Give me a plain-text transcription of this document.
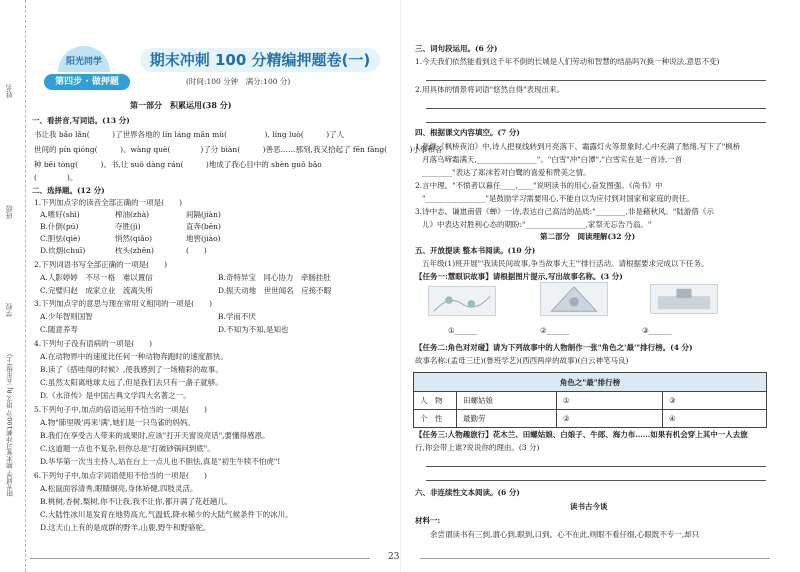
姓名
班级
学校
阳光同学 期末复习冲刺100分 语文 RJ 五年级(上)
阳光同学
第四步 · 做押题
期末冲刺 100 分精编押题卷(一)
(时间:100 分钟　满分:100 分)
第一部分　积累运用(38 分)
一、看拼音,写词语。(13 分)
书让我 bǎo lǎn(　　　)了世界各地的 lín láng mǎn mù(　　　　　), líng luò(　　　)了人
世间的 pín qióng(　　　)、wàng què(　　　　)了分 biàn(　　　)善恶……那刻,我又拾起了 fēn fāng(　　　)小事和各
种 bēi tòng(　　　)、书,让 suǒ dàng rán(　　　)地成了我心目中的 shèn guǒ bǎo
(　　　　)。
二、选择题。(12 分)
1.下列加点字的读音全部正确的一项是(　　)
A.嗜好(shì)	榨油(zhà)	间隔(jiàn)
B.仆倒(pú)	夺胜(jì)	直奔(bēn)
C.胆怯(qiè)	悄然(qiǎo)	地窖(jiào)
D.炊烟(chuī)	枕头(zhěn)	(　　)
2.下列词语书写全部正确的一项是(　　)
A.人影婷婷　 不尽一格　 难以置信	B.奇特异宝　 同心协力　 牵肠挂肚
C.完璧归赵　 成家立业　 流离失所	D.振天动地　 世世闻名　 应接不暇
3.下列加点字的意思与现在常用义相同的一项是(　　)
A.少年智则国智	B.学而不厌
C.随意养寿	D.不知为不知,是知也
4.下列句子没有语病的一项是(　　)
A.在动物界中的速度比任何一种动物奔跑时的速度都快。
B.读了《搭哇得的时候》,使我感到了一场精彩的故事。
C.虽然太阳离地球太远了,但是我们去只有一盏子就够。
D.《水浒传》是中国古典文学四大名著之一。
5.下列句子中,加点的倍语运用不恰当的一项是(　　)
A.物"肺里吸'再来'满',她们是一只鸟雀的妈妈。
B.我们在享受古人带来的成果时,应该"打开天窗说亮话",要懂得感恩。
C.这道题一点也不复杂,但你总是"打破砂锅问到底"。
D.华华第一次当主持人,站在台上一点儿也不胆怯,真是"初生牛犊不怕虎"!
6.下列句子中,加点字词语使用不恰当的一项是(　　)
A.松鼠面容清秀,眼睛炯亮,身体矫健,四肢灵活。
B.桃树,杏树,梨树,你不让我,我不让你,都开满了花赶趟儿。
C.大陆性冰川是发育在地势高亢,气温低,降水稀少的大陆气候条件下的冰川。
D.这天山上有的是成群的野羊,山鹿,野牛和野骆驼。
三、词句段运用。(6 分)
1.今天我们依然能看到这千年不倒的长城是人们劳动和智慧的结晶吗?(换一种说法,意思不变)
2.用具体的情景将词语"悠然自得"表现出来。
四、根据课文内容填空。(7 分)
1.张继《枫桥夜泊》中,诗人把视线转到月亮落下、霜露灯火等景象时,心中充满了愁绪,写下了"枫桥
月落乌啼霜满天,________________"。"白雪"冲"白潭","白雪实在是一首诗,一首
________"表达了郑沫若对白鹭的喜爱和赞美之情。
2.言中理。"不愤者以暮任____,____"说明读书的用心,奋发图强。《尚书》中
"________________"是鼓励学习需要用心,不能自以为应付到对国家和家庭的责任。
3.诗中志。谦崽南借《蝉》一诗,表达自己高洁的品质:"________,非是藉秋风。"陆游借《示
儿》中表达对胜利心态的期盼:"________________,家祭无忘告乃翁。"
第二部分　阅读理解(32 分)
五、开放提读 整本书阅读。(10 分)
五年级(1)班开展"'我读民间故事,争当故事大王'"排行活动。请根据要求完成以下任务。
【任务一:慧眼识故事】请根据图片提示,写出故事名称。(3 分)
①______	②______	③______
【任务二:角色对对碰】请为下列故事中的人物制作一张"角色之'最'"排行榜。(4 分)
故事名称:(孟母三迁)(鲁班学艺)(西西两岸的故事)(白云神笔马良)
角色之"最"排行榜
人　物	田螺姑娘	①	③
个　性	最勤劳	②	④
【任务三:人物趣旅行】花木兰、田螺姑娘、白娘子、牛郎、海力布……如果有机会穿上其中一人去旅
行,你会带上谁?说说你的理由。(3 分)
六、非连续性文本阅读。(6 分)
读书古今谈
材料一:
余尝谓读书有三到,谓心到,眼到,口到。心不在此,则眼不看仔细,心眼既不专一,却只
23
